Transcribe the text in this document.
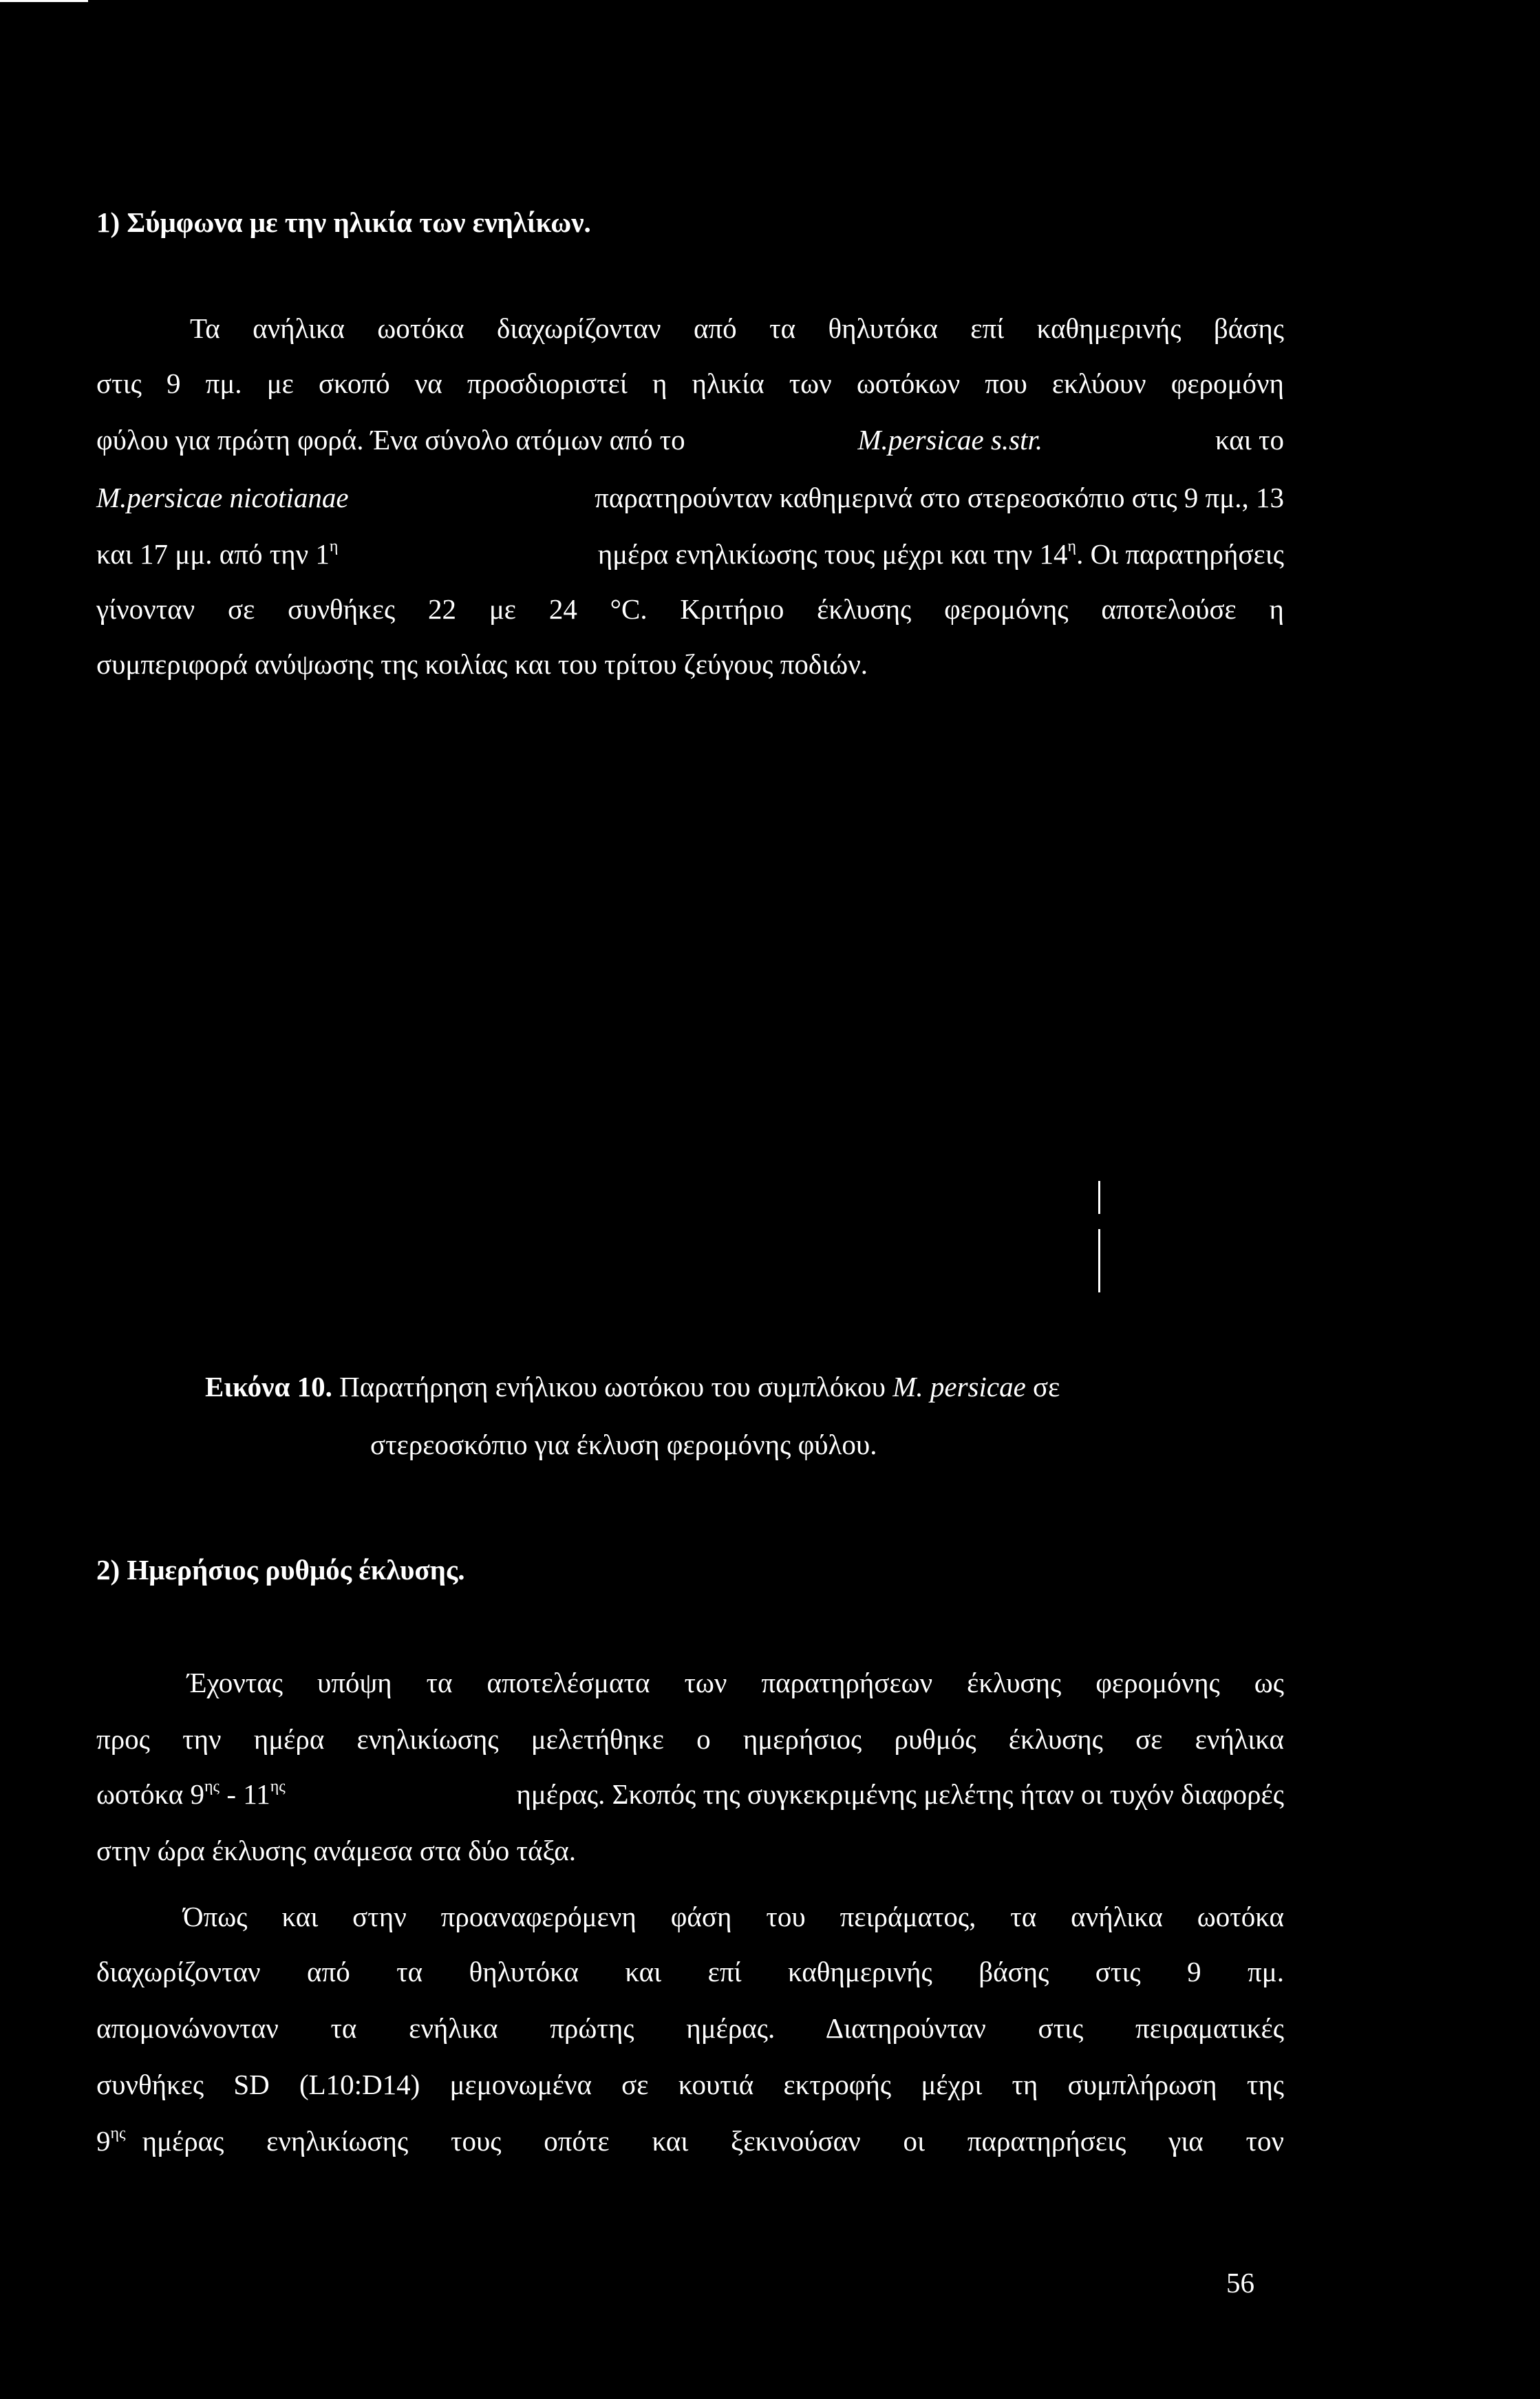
1) Σύμφωνα με την ηλικία των ενηλίκων.
Τα ανήλικα ωοτόκα διαχωρίζονταν από τα θηλυτόκα επί καθημερινής βάσης
στις 9 πμ. με σκοπό να προσδιοριστεί η ηλικία των ωοτόκων που εκλύουν φερομόνη
φύλου για πρώτη φορά. Ένα σύνολο ατόμων από το	M.persicae s.str.	και το
M.persicae nicotianae	παρατηρούνταν καθημερινά στο στερεοσκόπιο στις 9 πμ., 13
και 17 μμ. από την $1^\eta$	ημέρα ενηλικίωσης τους μέχρι και την $14^\eta$. Οι παρατηρήσεις
γίνονταν σε συνθήκες 22 με 24 °C. Κριτήριο έκλυσης φερομόνης αποτελούσε η
συμπεριφορά ανύψωσης της κοιλίας και του τρίτου ζεύγους ποδιών.
Εικόνα 10. Παρατήρηση ενήλικου ωοτόκου του συμπλόκου M. persicae σε
στερεοσκόπιο για έκλυση φερομόνης φύλου.
2) Ημερήσιος ρυθμός έκλυσης.
Έχοντας υπόψη τα αποτελέσματα των παρατηρήσεων έκλυσης φερομόνης ως
προς την ημέρα ενηλικίωσης μελετήθηκε ο ημερήσιος ρυθμός έκλυσης σε ενήλικα
ωοτόκα $9^{\eta\varsigma} - 11^{\eta\varsigma}$	ημέρας. Σκοπός της συγκεκριμένης μελέτης ήταν οι τυχόν διαφορές
στην ώρα έκλυσης ανάμεσα στα δύο τάξα.
Όπως και στην προαναφερόμενη φάση του πειράματος, τα ανήλικα ωοτόκα
διαχωρίζονταν από τα θηλυτόκα και επί καθημερινής βάσης στις 9 πμ.
απομονώνονταν τα ενήλικα πρώτης ημέρας. Διατηρούνταν στις πειραματικές
συνθήκες SD (L10:D14) μεμονωμένα σε κουτιά εκτροφής μέχρι τη συμπλήρωση της
$9^{\eta\varsigma}$ ημέρας ενηλικίωσης τους οπότε και ξεκινούσαν οι παρατηρήσεις για τον
56
